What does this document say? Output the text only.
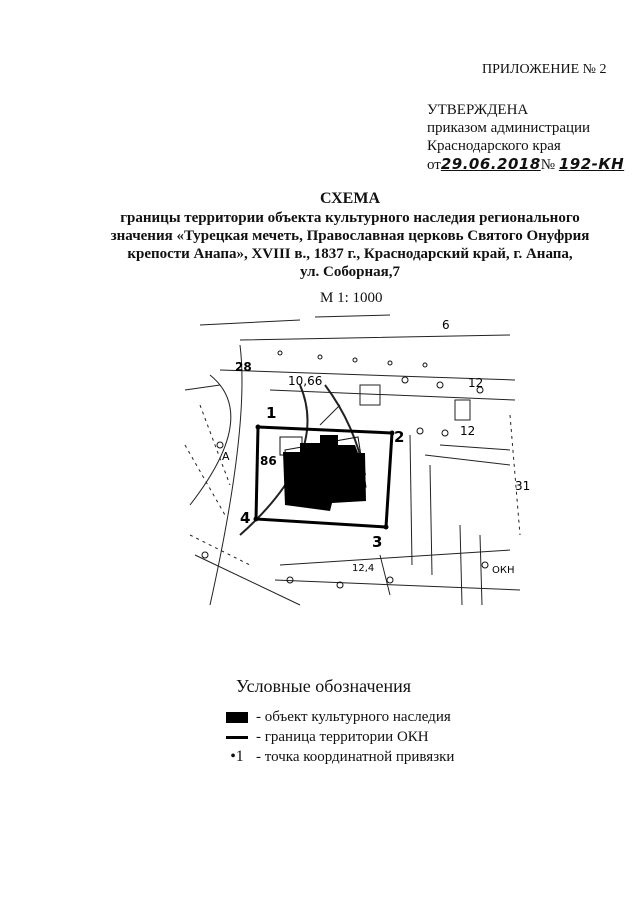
ПРИЛОЖЕНИЕ № 2
УТВЕРЖДЕНА
приказом администрации
Краснодарского края
от29.06.2018№ 192-КН
СХЕМА
границы территории объекта культурного наследия регионального
значения «Турецкая мечеть, Православная церковь Святого Онуфрия
крепости Анапа», XVIII в., 1837 г., Краснодарский край, г. Анапа,
ул. Соборная,7
М 1: 1000
1
2
3
4
28
10,66	12
12
6
86
31
А
ОКН
12,4
Условные обозначения
- объект культурного наследия
- граница территории ОКН
•1 - точка координатной привязки
